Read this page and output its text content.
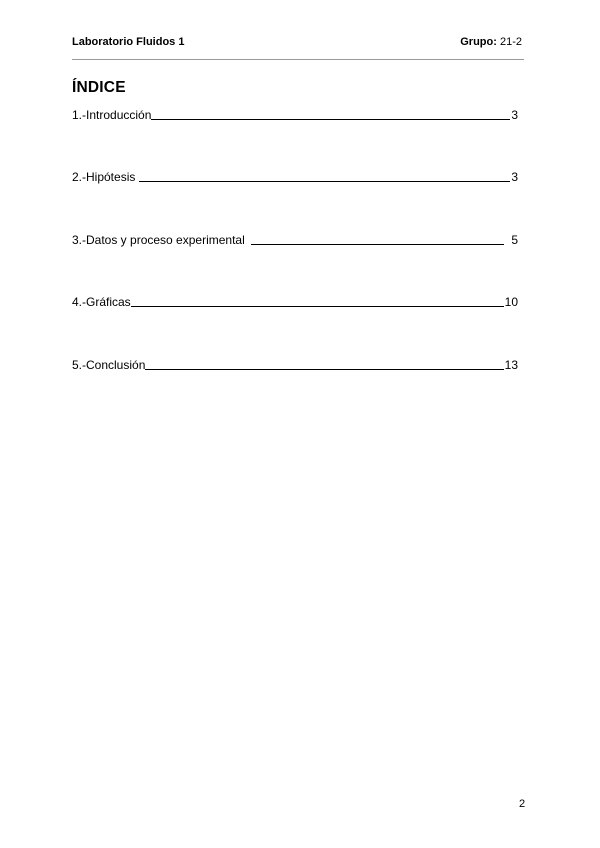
Laboratorio Fluidos 1	Grupo: 21-2
ÍNDICE
1.-Introducción	3
2.-Hipótesis	3
3.-Datos y proceso experimental	5
4.-Gráficas	10
5.-Conclusión	13
2
